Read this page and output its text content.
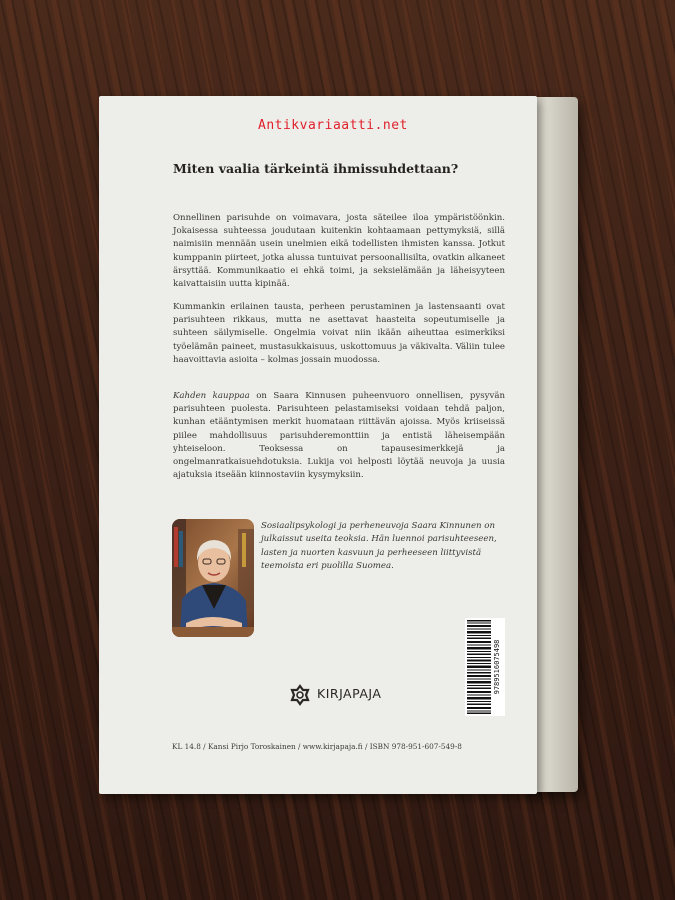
Miten vaalia tärkeintä ihmissuhdettaan?
Antikvariaatti.net

Onnellinen parisuhde on voimavara, josta säteilee iloa ympäristöönkin. Jokaisessa suhteessa joudutaan kuitenkin kohtaamaan pettymyksiä, sillä naimisiin mennään usein unelmien eikä todellisten ihmisten kanssa. Jotkut kumppanin piirteet, jotka alussa tuntuivat persoonallisilta, ovatkin alkaneet ärsyttää. Kommunikaatio ei ehkä toimi, ja seksielämään ja läheisyyteen kaivattaisiin uutta kipinää.

Kummankin erilainen tausta, perheen perustaminen ja lastensaanti ovat parisuhteen rikkaus, mutta ne asettavat haasteita sopeutumiselle ja suhteen säilymiselle. Ongelmia voivat niin ikään aiheuttaa esimerkiksi työelämän paineet, mustasukkaisuus, uskottomuus ja väkivalta. Väliin tulee haavoittavia asioita – kolmas jossain muodossa.

Kahden kauppaa on Saara Kinnusen puheenvuoro onnellisen, pysyvän parisuhteen puolesta. Parisuhteen pelastamiseksi voidaan tehdä paljon, kunhan etääntymisen merkit huomataan riittävän ajoissa. Myös kriiseissä piilee mahdollisuus parisuhderemonttiin ja entistä läheisempään yhteiseloon. Teoksessa on tapausesimerkkejä ja ongelmanratkaisuehdotuksia. Lukija voi helposti löytää neuvoja ja uusia ajatuksia itseään kiinnostaviin kysymyksiin.

Sosiaalipsykologi ja perheneuvoja Saara Kinnunen on julkaissut useita teoksia. Hän luennoi parisuhteeseen, lasten ja nuorten kasvuun ja perheeseen liittyvistä teemoista eri puolilla Suomea.

9789516075498
KIRJAPAJA
KL 14.8 / Kansi Pirjo Toroskainen / www.kirjapaja.fi / ISBN 978-951-607-549-8
